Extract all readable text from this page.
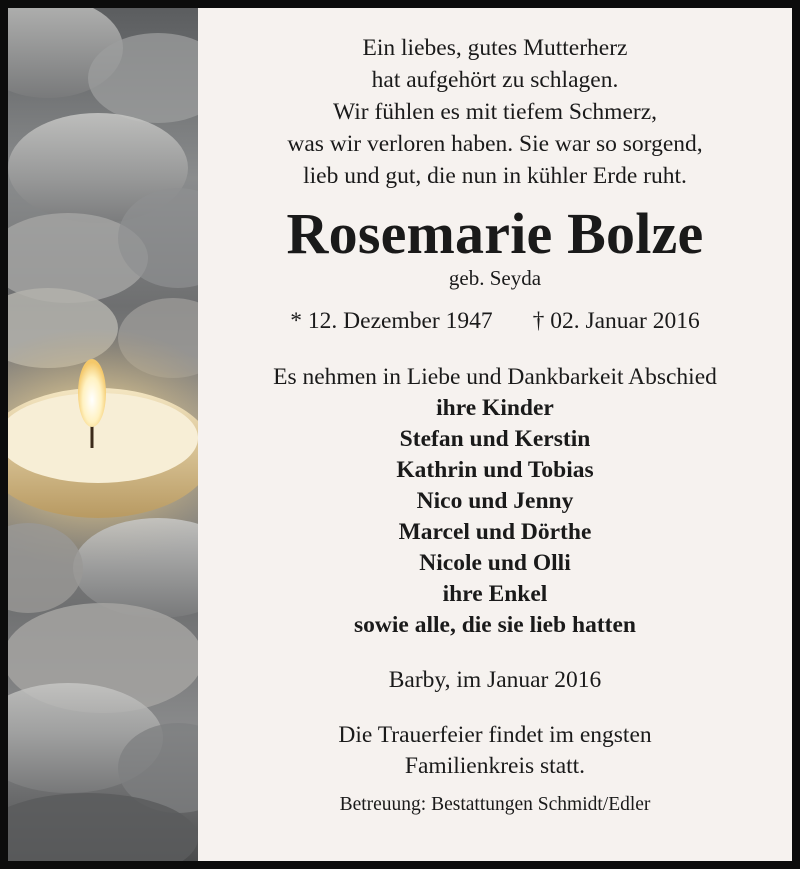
Ein liebes, gutes Mutterherz
hat aufgehört zu schlagen.
Wir fühlen es mit tiefem Schmerz,
was wir verloren haben. Sie war so sorgend,
lieb und gut, die nun in kühler Erde ruht.
Rosemarie Bolze
geb. Seyda
* 12. Dezember 1947 † 02. Januar 2016
Es nehmen in Liebe und Dankbarkeit Abschied
ihre Kinder
Stefan und Kerstin
Kathrin und Tobias
Nico und Jenny
Marcel und Dörthe
Nicole und Olli
ihre Enkel
sowie alle, die sie lieb hatten
Barby, im Januar 2016
Die Trauerfeier findet im engsten
Familienkreis statt.
Betreuung: Bestattungen Schmidt/Edler
